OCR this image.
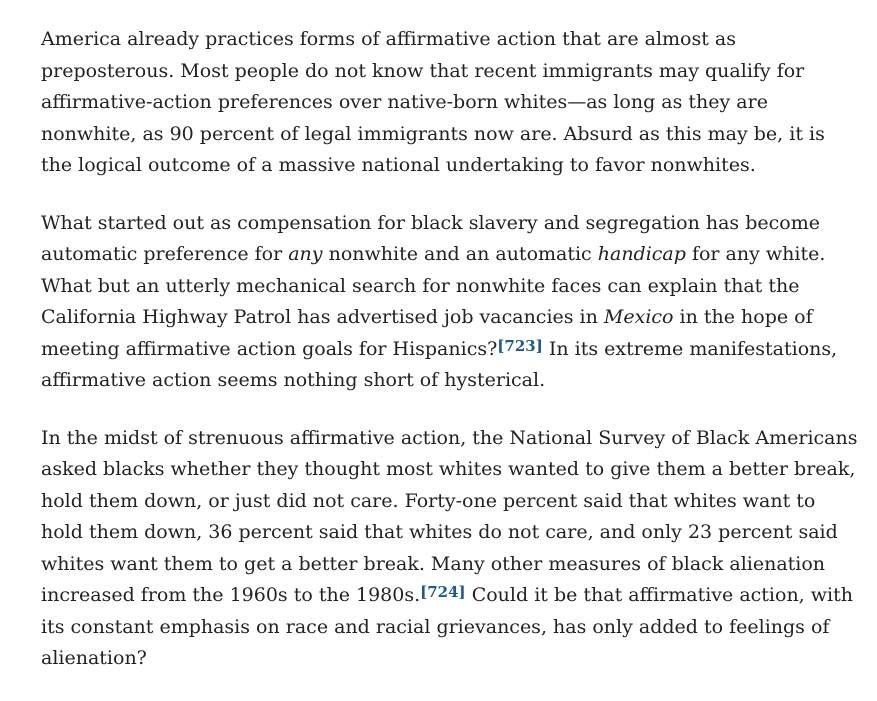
America already practices forms of affirmative action that are almost as preposterous. Most people do not know that recent immigrants may qualify for affirmative-action preferences over native-born whites—as long as they are nonwhite, as 90 percent of legal immigrants now are. Absurd as this may be, it is the logical outcome of a massive national undertaking to favor nonwhites.

What started out as compensation for black slavery and segregation has become automatic preference for any nonwhite and an automatic handicap for any white. What but an utterly mechanical search for nonwhite faces can explain that the California Highway Patrol has advertised job vacancies in Mexico in the hope of meeting affirmative action goals for Hispanics?[723] In its extreme manifestations, affirmative action seems nothing short of hysterical.

In the midst of strenuous affirmative action, the National Survey of Black Americans asked blacks whether they thought most whites wanted to give them a better break, hold them down, or just did not care. Forty-one percent said that whites want to hold them down, 36 percent said that whites do not care, and only 23 percent said whites want them to get a better break. Many other measures of black alienation increased from the 1960s to the 1980s.[724] Could it be that affirmative action, with its constant emphasis on race and racial grievances, has only added to feelings of alienation?
